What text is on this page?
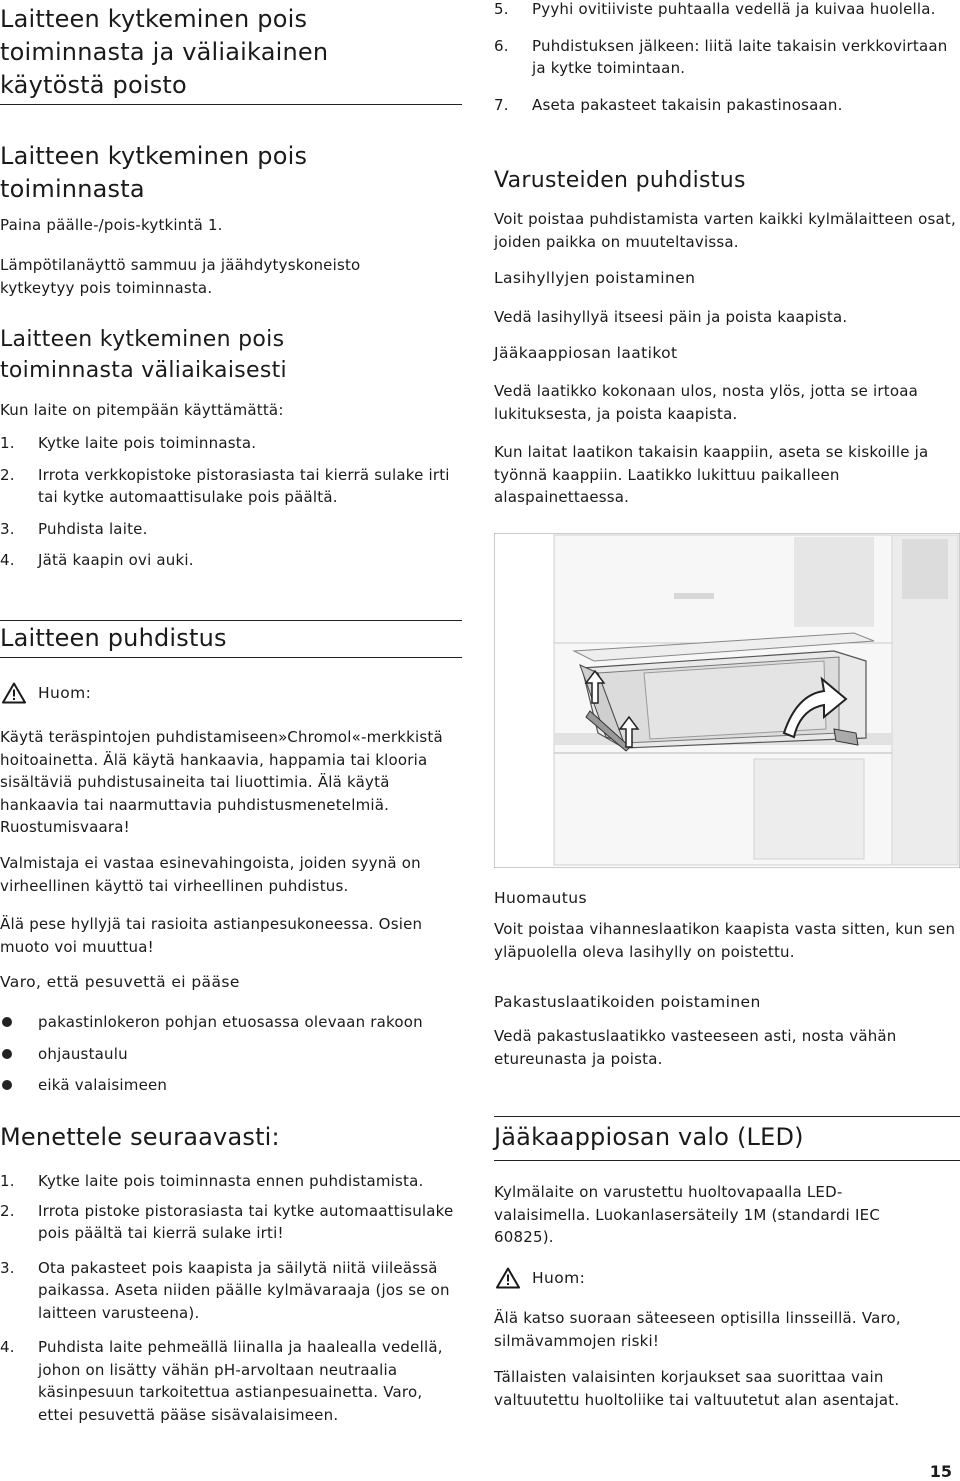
Laitteen kytkeminen pois toiminnasta ja väliaikainen käytöstä poisto
Laitteen kytkeminen pois toiminnasta
Paina päälle-/pois-kytkintä 1.
Lämpötilanäyttö sammuu ja jäähdytyskoneisto kytkeytyy pois toiminnasta.
Laitteen kytkeminen pois toiminnasta väliaikaisesti
Kun laite on pitempään käyttämättä:
1. Kytke laite pois toiminnasta.
2. Irrota verkkopistoke pistorasiasta tai kierrä sulake irti tai kytke automaattisulake pois päältä.
3. Puhdista laite.
4. Jätä kaapin ovi auki.
Laitteen puhdistus
Huom:
Käytä teräspintojen puhdistamiseen»Chromol«-merkkistä hoitoainetta. Älä käytä hankaavia, happamia tai klooria sisältäviä puhdistusaineita tai liuottimia. Älä käytä hankaavia tai naarmuttavia puhdistusmenetelmiä. Ruostumisvaara!
Valmistaja ei vastaa esinevahingoista, joiden syynä on virheellinen käyttö tai virheellinen puhdistus.
Älä pese hyllyjä tai rasioita astianpesukoneessa. Osien muoto voi muuttua!
Varo, että pesuvettä ei pääse
pakastinlokeron pohjan etuosassa olevaan rakoon
ohjaustaulu
eikä valaisimeen
Menettele seuraavasti:
1. Kytke laite pois toiminnasta ennen puhdistamista.
2. Irrota pistoke pistorasiasta tai kytke automaattisulake pois päältä tai kierrä sulake irti!
3. Ota pakasteet pois kaapista ja säilytä niitä viileässä paikassa. Aseta niiden päälle kylmävaraaja (jos se on laitteen varusteena).
4. Puhdista laite pehmeällä liinalla ja haalealla vedellä, johon on lisätty vähän pH-arvoltaan neutraalia käsinpesuun tarkoitettua astianpesuainetta. Varo, ettei pesuvettä pääse sisävalaisimeen.
5. Pyyhi ovitiiviste puhtaalla vedellä ja kuivaa huolella.
6. Puhdistuksen jälkeen: liitä laite takaisin verkkovirtaan ja kytke toimintaan.
7. Aseta pakasteet takaisin pakastinosaan.
Varusteiden puhdistus
Voit poistaa puhdistamista varten kaikki kylmälaitteen osat, joiden paikka on muuteltavissa.
Lasihyllyjen poistaminen
Vedä lasihyllyä itseesi päin ja poista kaapista.
Jääkaappiosan laatikot
Vedä laatikko kokonaan ulos, nosta ylös, jotta se irtoaa lukituksesta, ja poista kaapista.
Kun laitat laatikon takaisin kaappiin, aseta se kiskoille ja työnnä kaappiin. Laatikko lukittuu paikalleen alaspainettaessa.
Huomautus
Voit poistaa vihanneslaatikon kaapista vasta sitten, kun sen yläpuolella oleva lasihylly on poistettu.
Pakastuslaatikoiden poistaminen
Vedä pakastuslaatikko vasteeseen asti, nosta vähän etureunasta ja poista.
Jääkaappiosan valo (LED)
Kylmälaite on varustettu huoltovapaalla LED-valaisimella. Luokanlasersäteily 1M (standardi IEC 60825).
Huom:
Älä katso suoraan säteeseen optisilla linsseillä. Varo, silmävammojen riski!
Tällaisten valaisinten korjaukset saa suorittaa vain valtuutettu huoltoliike tai valtuutetut alan asentajat.
15
